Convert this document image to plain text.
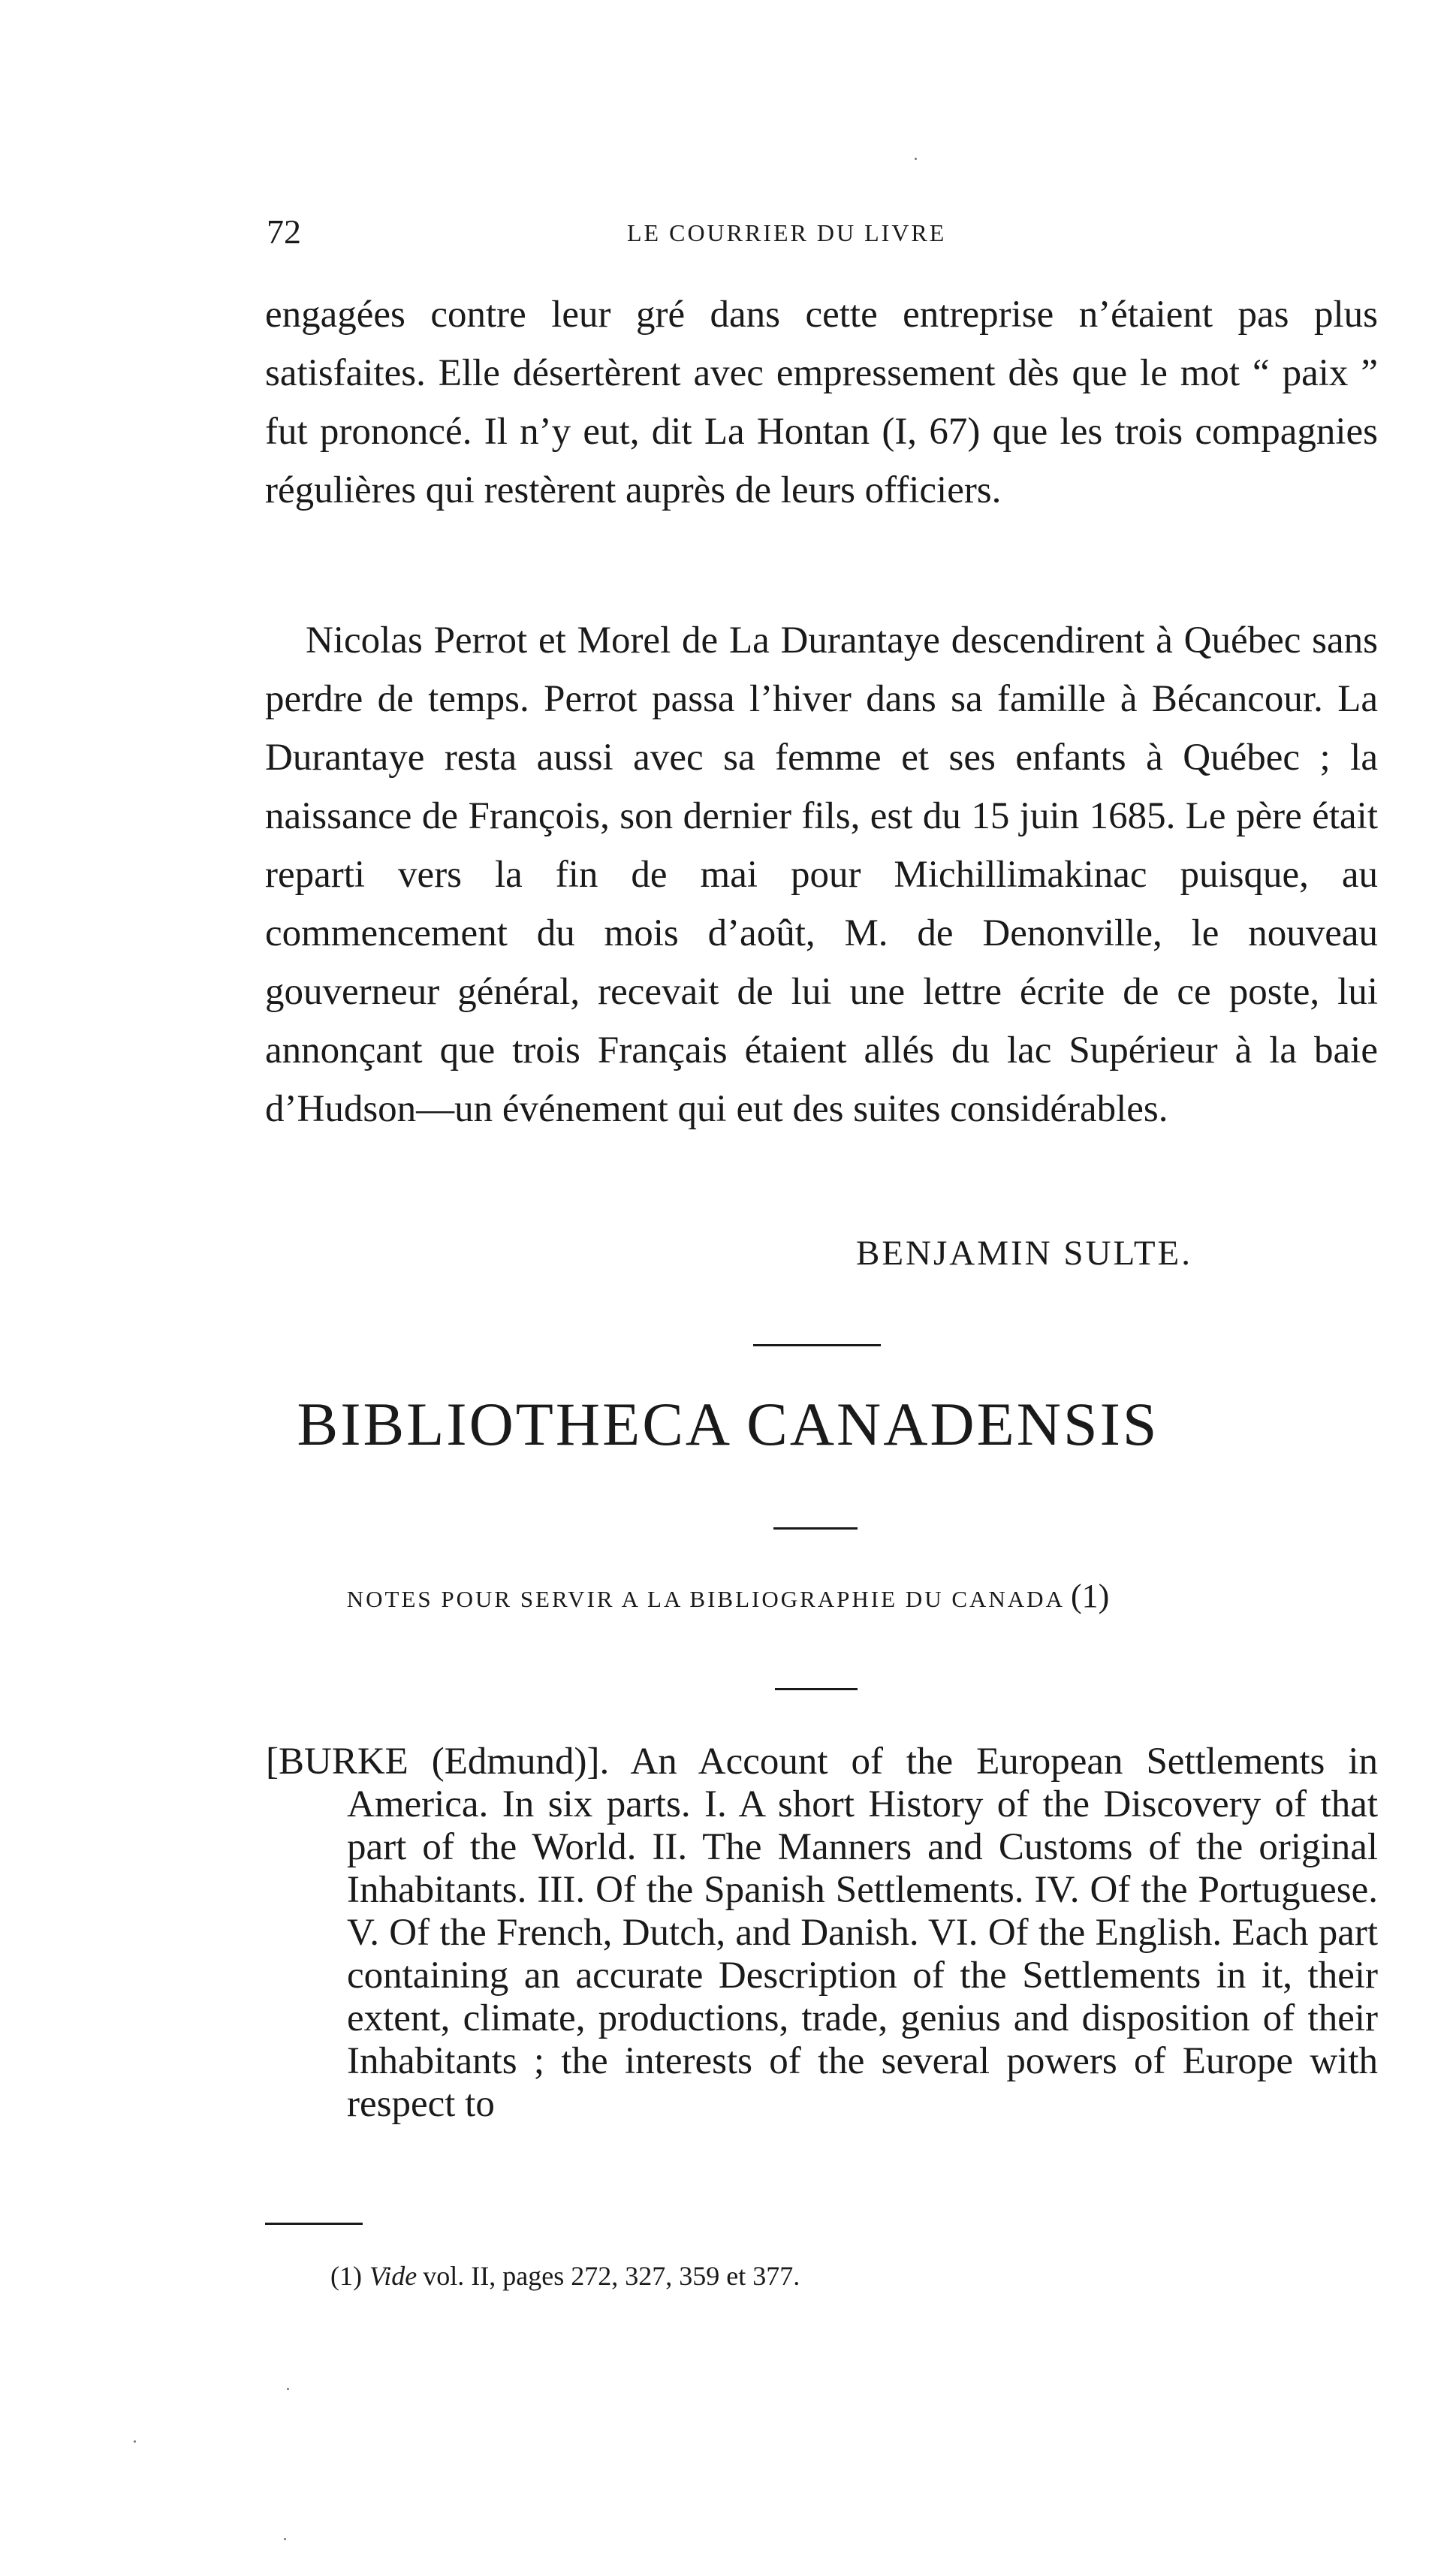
72	LE COURRIER DU LIVRE

engagées contre leur gré dans cette entreprise n’étaient pas plus satisfaites. Elle désertèrent avec empressement dès que le mot “ paix ” fut prononcé. Il n’y eut, dit La Hontan (I, 67) que les trois compagnies régulières qui restèrent auprès de leurs officiers.

Nicolas Perrot et Morel de La Durantaye descendirent à Québec sans perdre de temps. Perrot passa l’hiver dans sa famille à Bécancour. La Durantaye resta aussi avec sa femme et ses enfants à Québec ; la naissance de François, son dernier fils, est du 15 juin 1685. Le père était reparti vers la fin de mai pour Michillimakinac puisque, au commencement du mois d’août, M. de Denonville, le nouveau gouverneur général, recevait de lui une lettre écrite de ce poste, lui annonçant que trois Français étaient allés du lac Supérieur à la baie d’Hudson—un événement qui eut des suites considérables.

BENJAMIN SULTE.
BIBLIOTHECA CANADENSIS

NOTES POUR SERVIR A LA BIBLIOGRAPHIE DU CANADA (1)

[BURKE (Edmund)]. An Account of the European Settlements in America. In six parts. I. A short History of the Discovery of that part of the World. II. The Manners and Customs of the original Inhabitants. III. Of the Spanish Settlements. IV. Of the Portuguese. V. Of the French, Dutch, and Danish. VI. Of the English. Each part containing an accurate Description of the Settlements in it, their extent, climate, productions, trade, genius and disposition of their Inhabitants ; the interests of the several powers of Europe with respect to

(1) Vide vol. II, pages 272, 327, 359 et 377.
